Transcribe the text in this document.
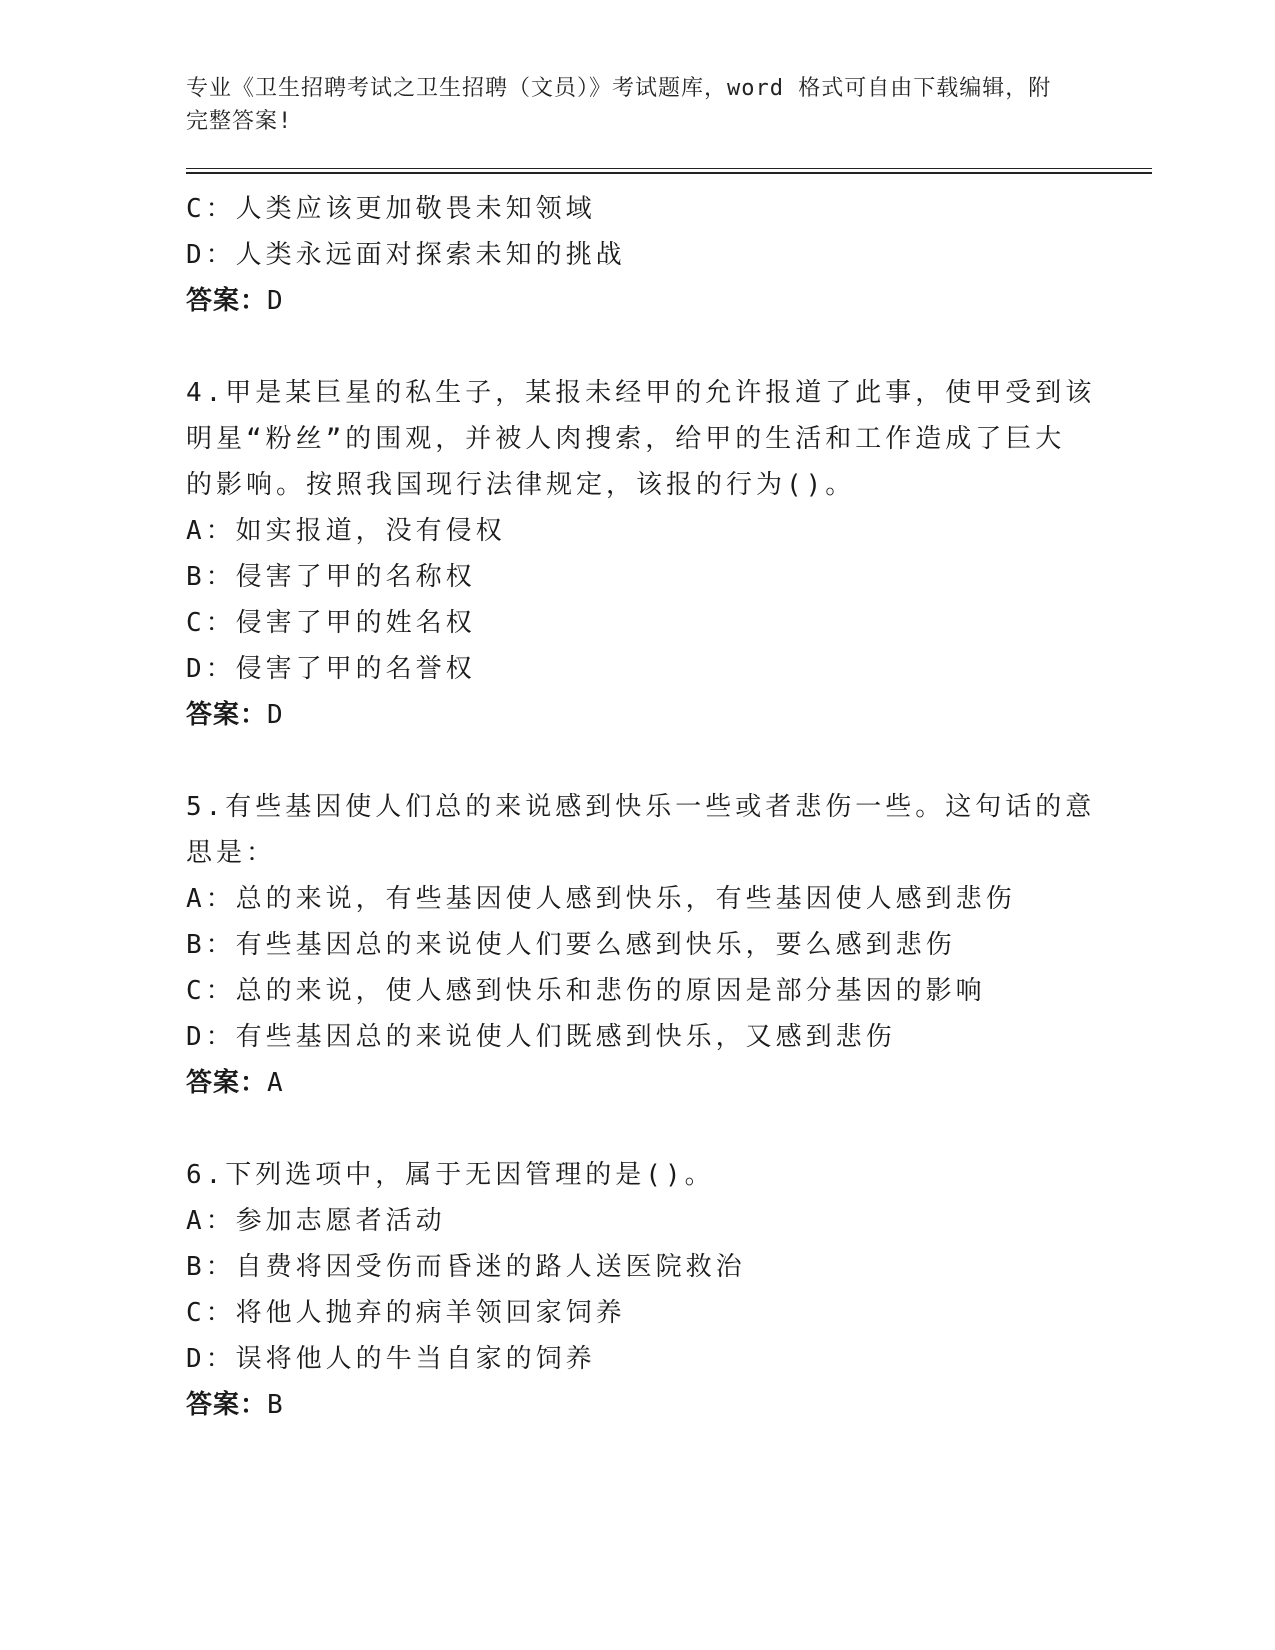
专业《卫生招聘考试之卫生招聘（文员）》考试题库，word 格式可自由下载编辑，附完整答案!
C：人类应该更加敬畏未知领域
D：人类永远面对探索未知的挑战
答案：D
4.甲是某巨星的私生子，某报未经甲的允许报道了此事，使甲受到该
明星“粉丝”的围观，并被人肉搜索，给甲的生活和工作造成了巨大
的影响。按照我国现行法律规定，该报的行为()。
A：如实报道，没有侵权
B：侵害了甲的名称权
C：侵害了甲的姓名权
D：侵害了甲的名誉权
答案：D
5.有些基因使人们总的来说感到快乐一些或者悲伤一些。这句话的意
思是：
A：总的来说，有些基因使人感到快乐，有些基因使人感到悲伤
B：有些基因总的来说使人们要么感到快乐，要么感到悲伤
C：总的来说，使人感到快乐和悲伤的原因是部分基因的影响
D：有些基因总的来说使人们既感到快乐，又感到悲伤
答案：A
6.下列选项中，属于无因管理的是()。
A：参加志愿者活动
B：自费将因受伤而昏迷的路人送医院救治
C：将他人抛弃的病羊领回家饲养
D：误将他人的牛当自家的饲养
答案：B
